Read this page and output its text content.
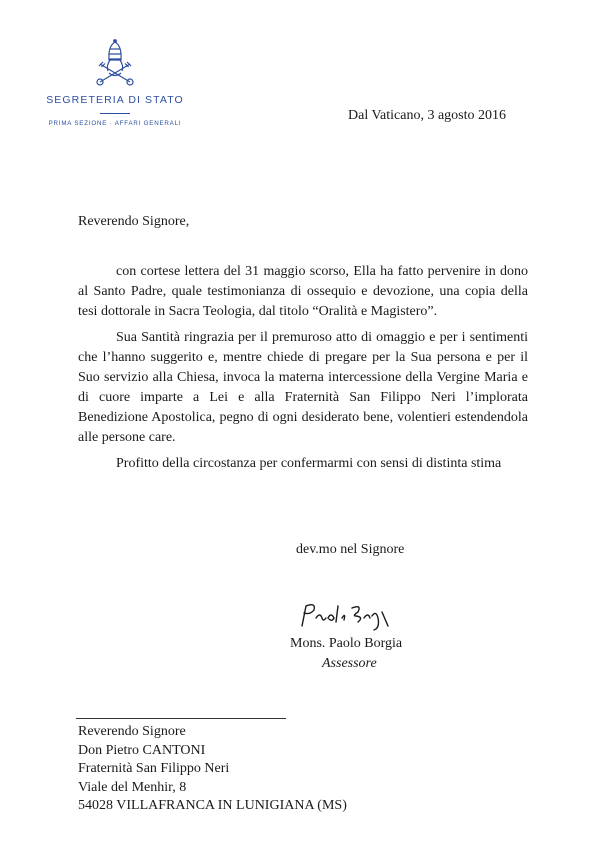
SEGRETERIA DI STATO
PRIMA SEZIONE · AFFARI GENERALI
Dal Vaticano, 3 agosto 2016
Reverendo Signore,

con cortese lettera del 31 maggio scorso, Ella ha fatto pervenire in dono al Santo Padre, quale testimonianza di ossequio e devozione, una copia della tesi dottorale in Sacra Teologia, dal titolo “Oralità e Magistero”.

Sua Santità ringrazia per il premuroso atto di omaggio e per i sentimenti che l’hanno suggerito e, mentre chiede di pregare per la Sua persona e per il Suo servizio alla Chiesa, invoca la materna intercessione della Vergine Maria e di cuore imparte a Lei e alla Fraternità San Filippo Neri l’implorata Benedizione Apostolica, pegno di ogni desiderato bene, volentieri estendendola alle persone care.

Profitto della circostanza per confermarmi con sensi di distinta stima

dev.mo nel Signore
Mons. Paolo Borgia
Assessore
Reverendo Signore
Don Pietro CANTONI
Fraternità San Filippo Neri
Viale del Menhir, 8
54028 VILLAFRANCA IN LUNIGIANA (MS)
